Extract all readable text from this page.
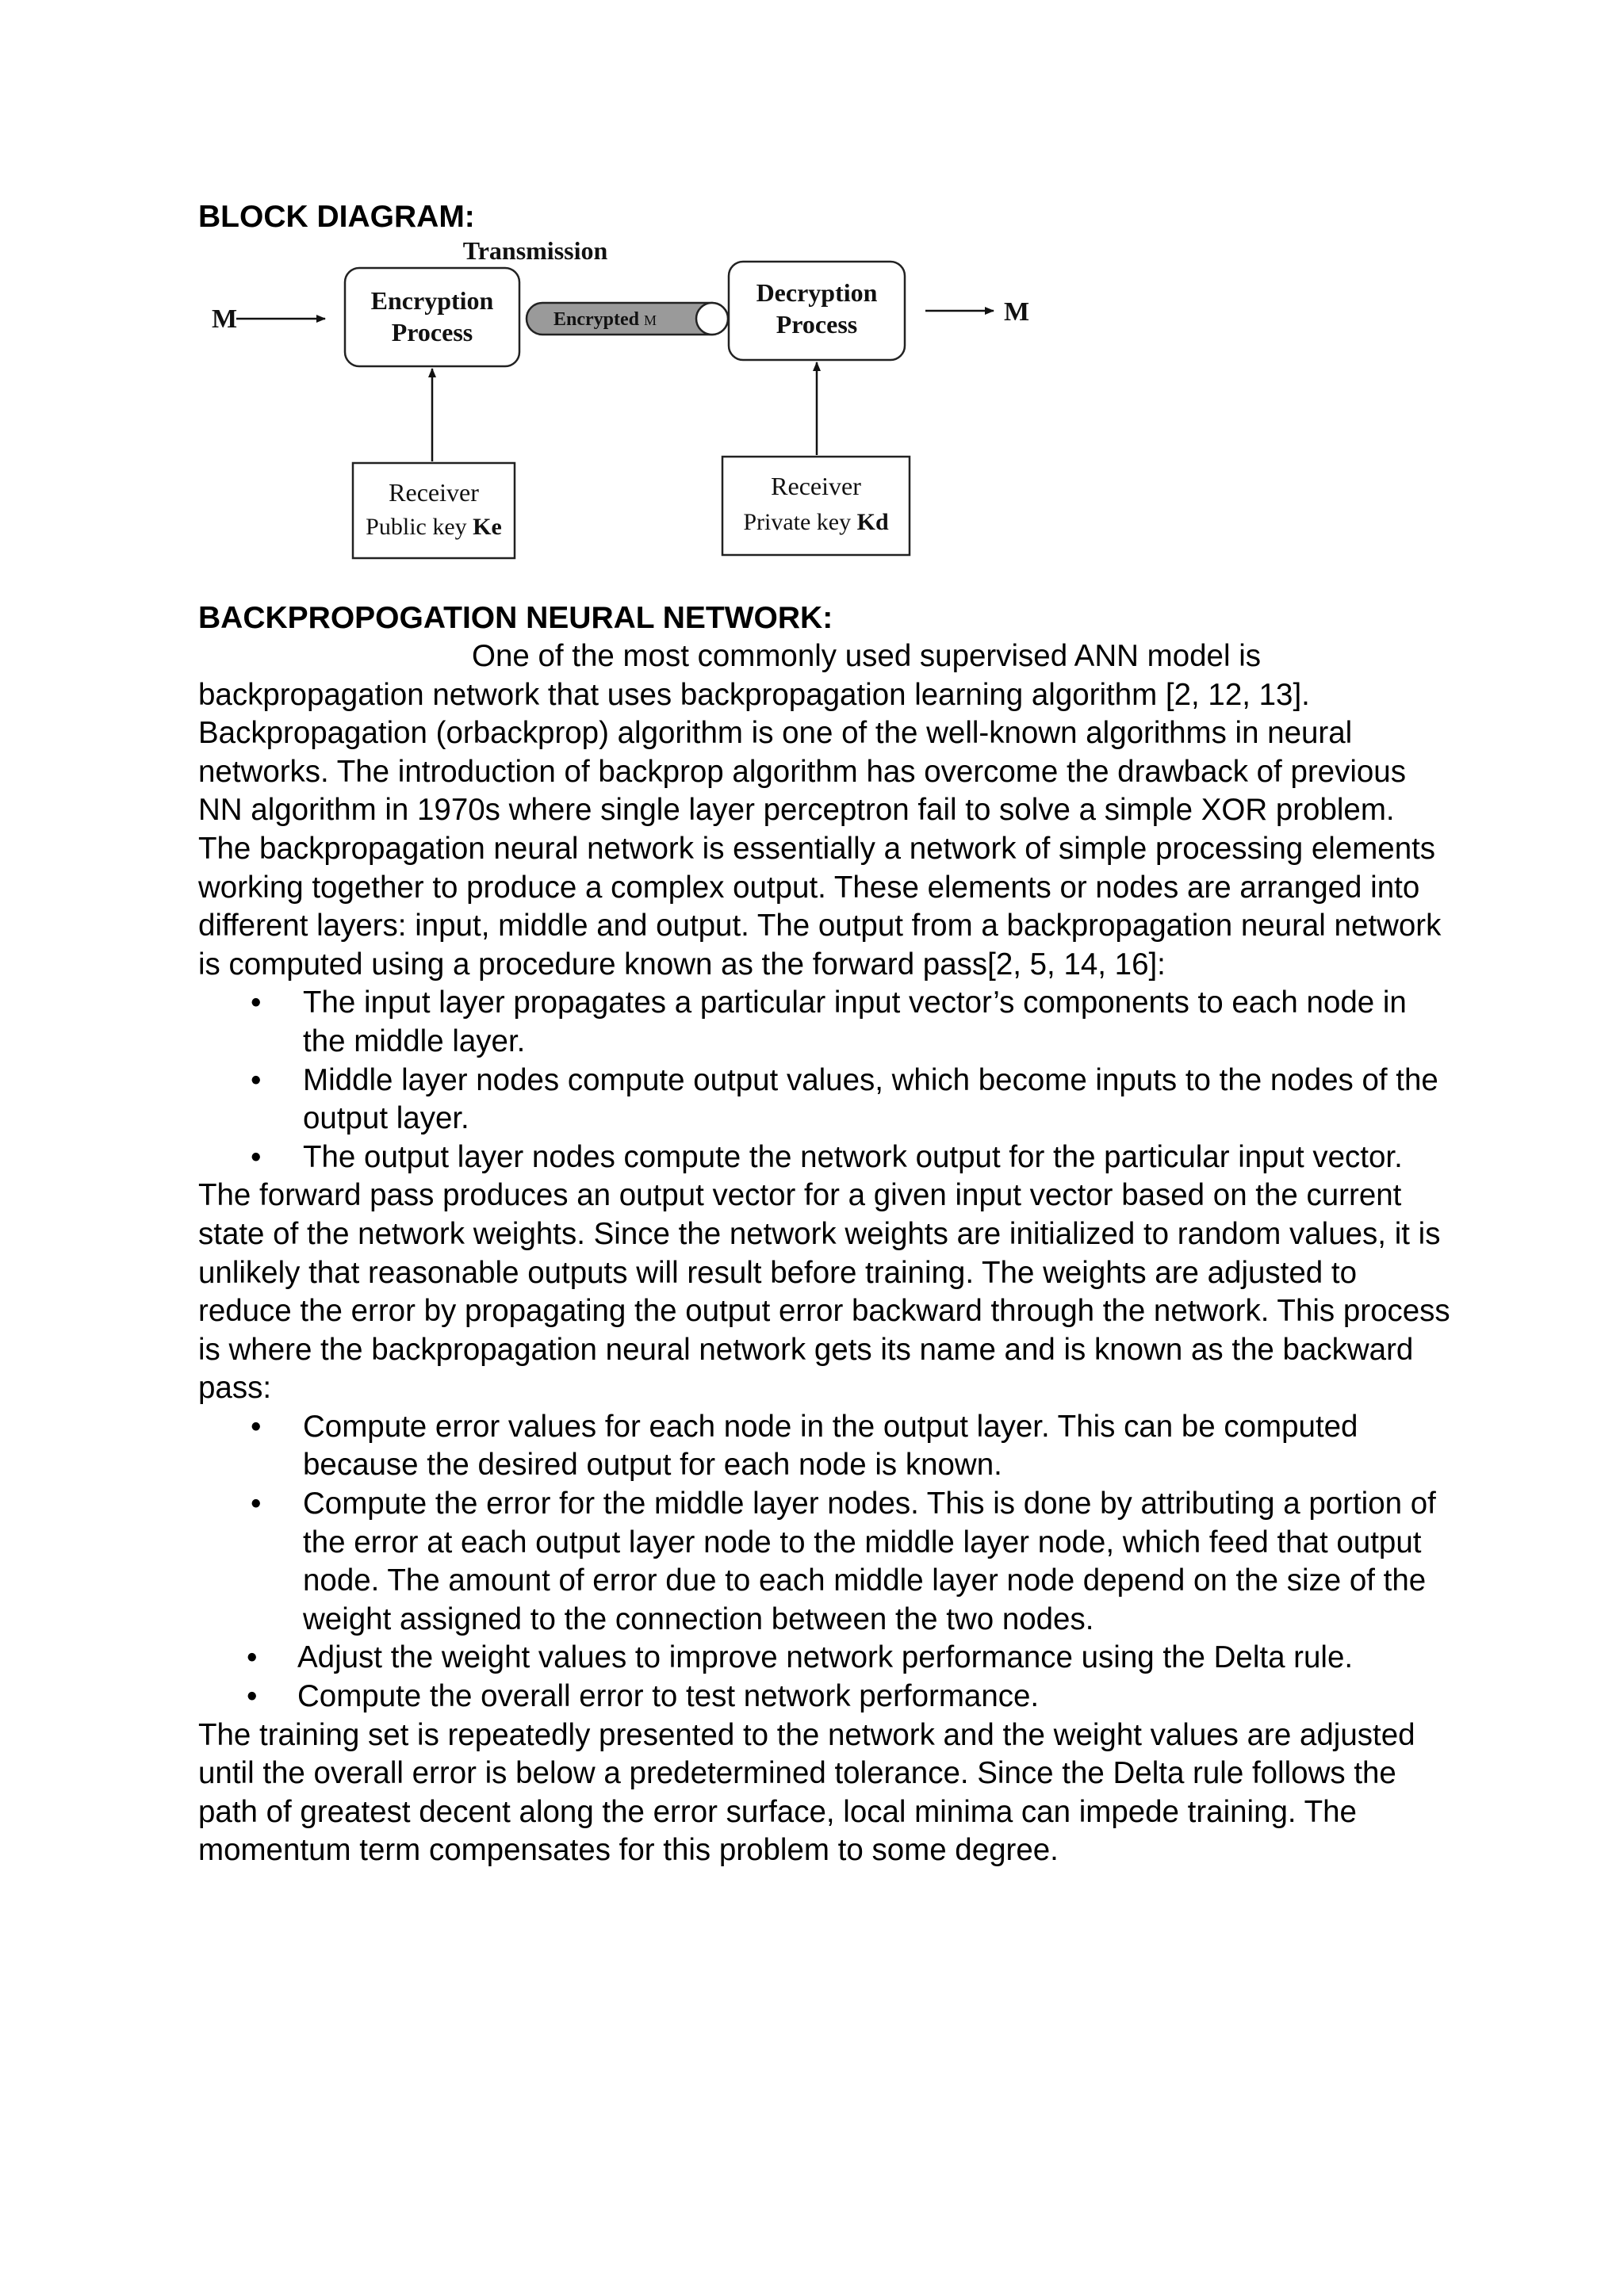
BLOCK DIAGRAM:
Transmission
M
Encryption
Process	Encrypted M
Decryption
Process	M
Receiver
Public key Ke
Receiver
Private key Kd
BACKPROPOGATION NEURAL NETWORK:

One of the most commonly used supervised ANN model is backpropagation network that uses backpropagation learning algorithm [2, 12, 13]. Backpropagation (orbackprop) algorithm is one of the well-known algorithms in neural networks. The introduction of backprop algorithm has overcome the drawback of previous NN algorithm in 1970s where single layer perceptron fail to solve a simple XOR problem. The backpropagation neural network is essentially a network of simple processing elements working together to produce a complex output. These elements or nodes are arranged into different layers: input, middle and output. The output from a backpropagation neural network is computed using a procedure known as the forward pass[2, 5, 14, 16]:

• The input layer propagates a particular input vector’s components to each node in the middle layer.
• Middle layer nodes compute output values, which become inputs to the nodes of the output layer.
• The output layer nodes compute the network output for the particular input vector.

The forward pass produces an output vector for a given input vector based on the current state of the network weights. Since the network weights are initialized to random values, it is unlikely that reasonable outputs will result before training. The weights are adjusted to reduce the error by propagating the output error backward through the network. This process is where the backpropagation neural network gets its name and is known as the backward pass:

• Compute error values for each node in the output layer. This can be computed because the desired output for each node is known.
• Compute the error for the middle layer nodes. This is done by attributing a portion of the error at each output layer node to the middle layer node, which feed that output node. The amount of error due to each middle layer node depend on the size of the weight assigned to the connection between the two nodes.
• Adjust the weight values to improve network performance using the Delta rule.
• Compute the overall error to test network performance.

The training set is repeatedly presented to the network and the weight values are adjusted until the overall error is below a predetermined tolerance. Since the Delta rule follows the path of greatest decent along the error surface, local minima can impede training. The momentum term compensates for this problem to some degree.
